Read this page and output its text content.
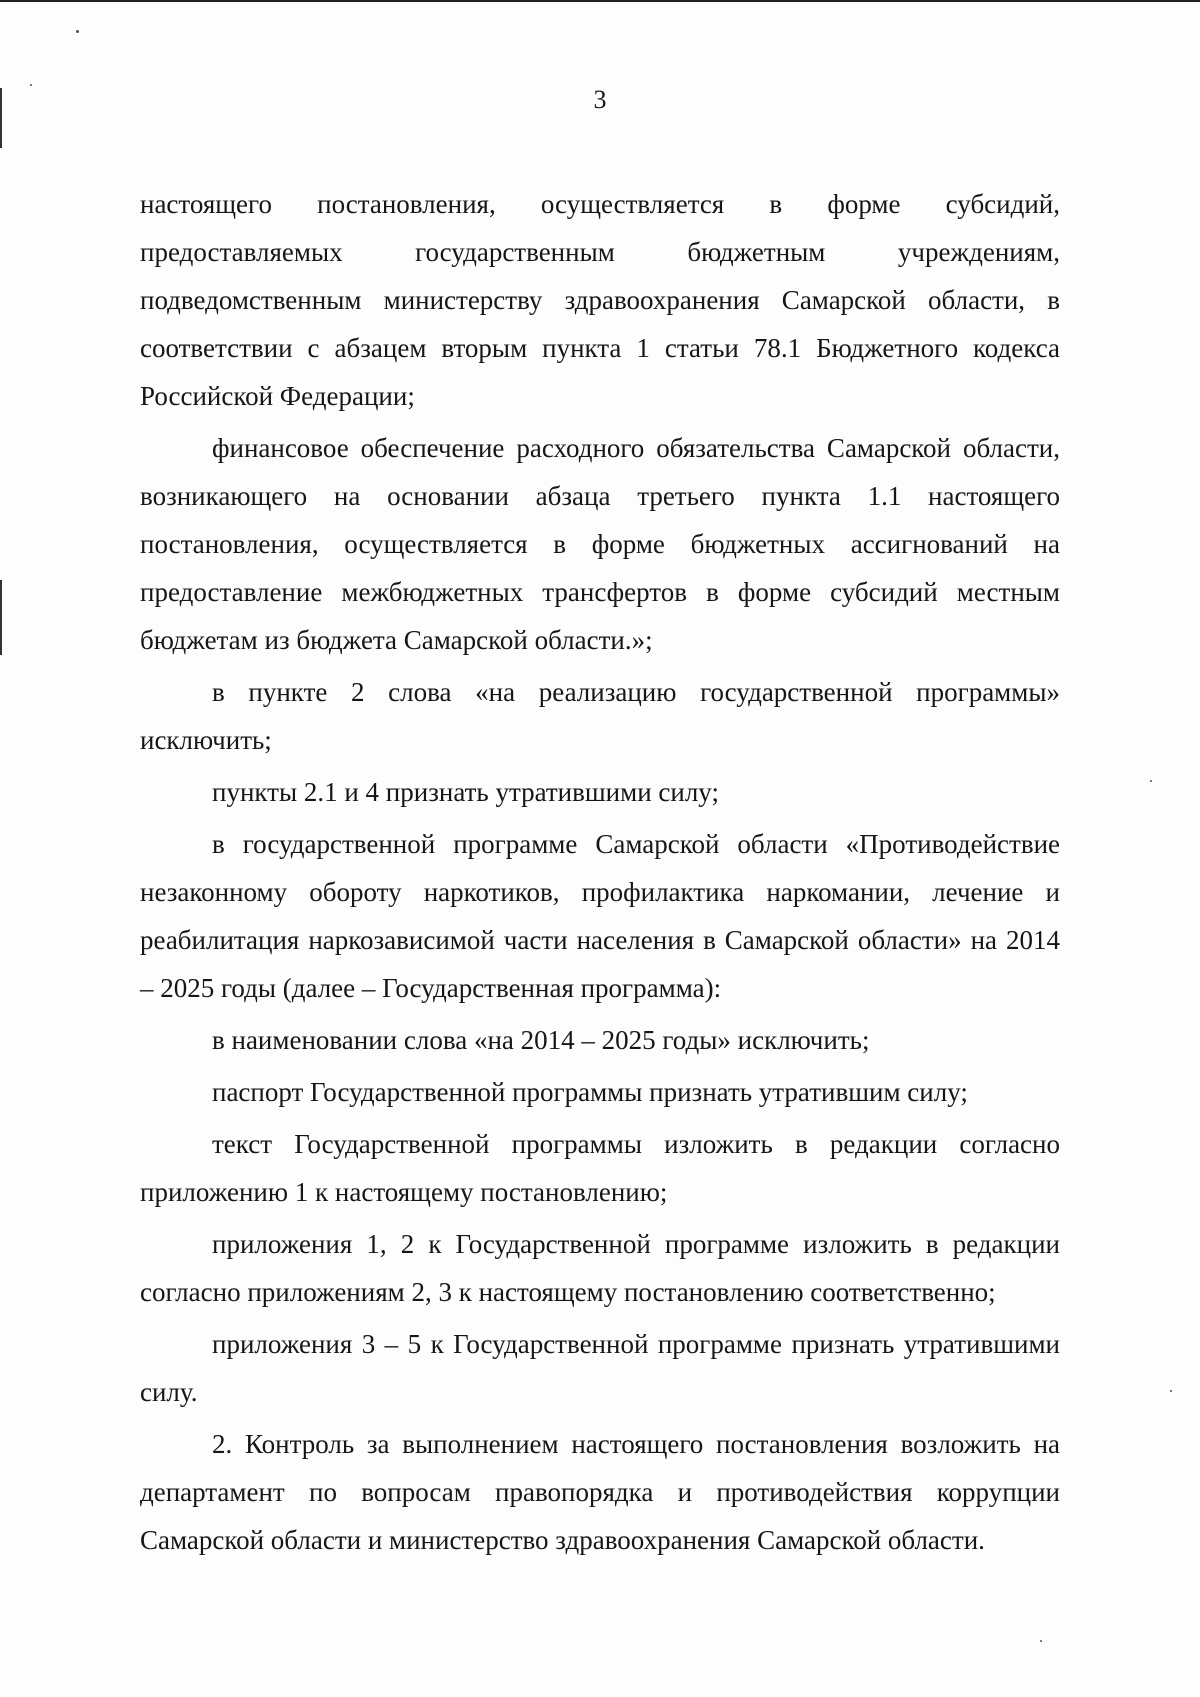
3

настоящего постановления, осуществляется в форме субсидий, предоставляемых государственным бюджетным учреждениям, подведомственным министерству здравоохранения Самарской области, в соответствии с абзацем вторым пункта 1 статьи 78.1 Бюджетного кодекса Российской Федерации;

финансовое обеспечение расходного обязательства Самарской области, возникающего на основании абзаца третьего пункта 1.1 настоящего постановления, осуществляется в форме бюджетных ассигнований на предоставление межбюджетных трансфертов в форме субсидий местным бюджетам из бюджета Самарской области.»;

в пункте 2 слова «на реализацию государственной программы» исключить;

пункты 2.1 и 4 признать утратившими силу;

в государственной программе Самарской области «Противодействие незаконному обороту наркотиков, профилактика наркомании, лечение и реабилитация наркозависимой части населения в Самарской области» на 2014 – 2025 годы (далее – Государственная программа):

в наименовании слова «на 2014 – 2025 годы» исключить;

паспорт Государственной программы признать утратившим силу;

текст Государственной программы изложить в редакции согласно приложению 1 к настоящему постановлению;

приложения 1, 2 к Государственной программе изложить в редакции согласно приложениям 2, 3 к настоящему постановлению соответственно;

приложения 3 – 5 к Государственной программе признать утратившими силу.

2. Контроль за выполнением настоящего постановления возложить на департамент по вопросам правопорядка и противодействия коррупции Самарской области и министерство здравоохранения Самарской области.
